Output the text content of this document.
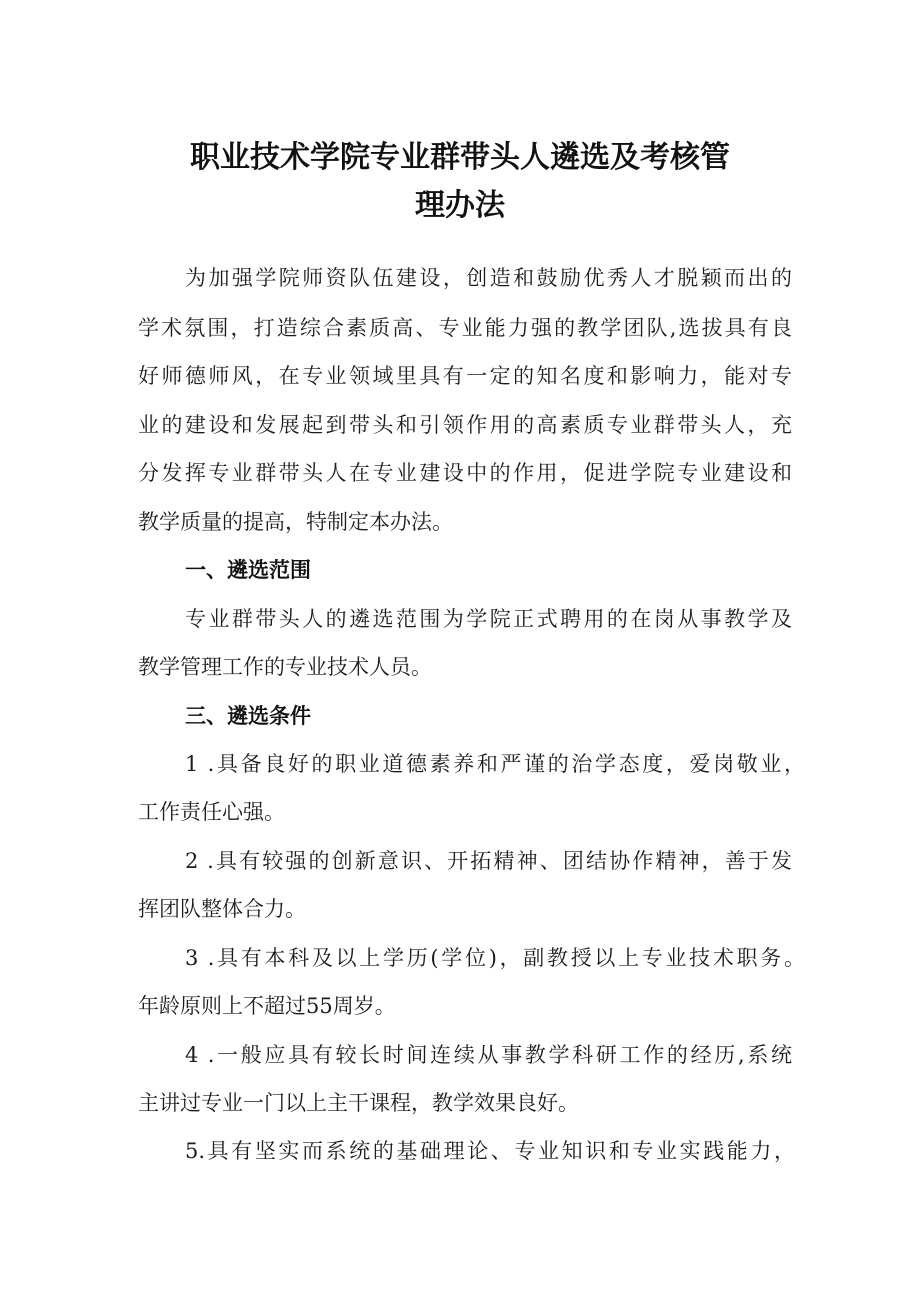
职业技术学院专业群带头人遴选及考核管
理办法
为加强学院师资队伍建设，创造和鼓励优秀人才脱颖而出的
学术氛围，打造综合素质高、专业能力强的教学团队,选拔具有良
好师德师风，在专业领域里具有一定的知名度和影响力，能对专
业的建设和发展起到带头和引领作用的高素质专业群带头人，充
分发挥专业群带头人在专业建设中的作用，促进学院专业建设和
教学质量的提高，特制定本办法。
一、遴选范围
专业群带头人的遴选范围为学院正式聘用的在岗从事教学及
教学管理工作的专业技术人员。
三、遴选条件
1 .具备良好的职业道德素养和严谨的治学态度，爱岗敬业，
工作责任心强。
2 .具有较强的创新意识、开拓精神、团结协作精神，善于发
挥团队整体合力。
3 .具有本科及以上学历(学位)，副教授以上专业技术职务。
年龄原则上不超过55周岁。
4 .一般应具有较长时间连续从事教学科研工作的经历,系统
主讲过专业一门以上主干课程，教学效果良好。
5.具有坚实而系统的基础理论、专业知识和专业实践能力，
